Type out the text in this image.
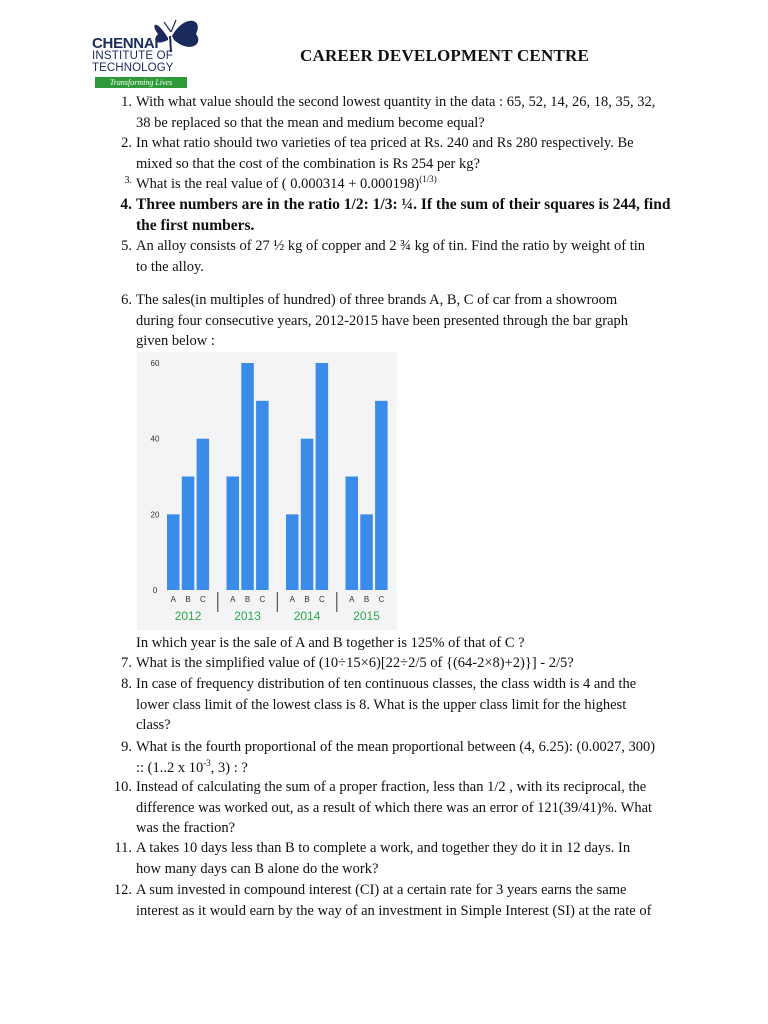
CHENNAI
INSTITUTE OF
TECHNOLOGY
Transforming Lives
CAREER DEVELOPMENT CENTRE
1. With what value should the second lowest quantity in the data : 65, 52, 14, 26, 18, 35, 32,
38 be replaced so that the mean and medium become equal?
2. In what ratio should two varieties of tea priced at Rs. 240 and Rs 280 respectively. Be
mixed so that the cost of the combination is Rs 254 per kg?
3. What is the real value of ( 0.000314 + 0.000198)$^{(1/3)}$
4. Three numbers are in the ratio 1/2: 1/3: ¼. If the sum of their squares is 244, find
the first numbers.
5. An alloy consists of 27 ½ kg of copper and 2 ¾ kg of tin. Find the ratio by weight of tin
to the alloy.
6. The sales(in multiples of hundred) of three brands A, B, C of car from a showroom
during four consecutive years, 2012-2015 have been presented through the bar graph
given below :
0
20
40
60
A B C
2012
A B C
2013
A B C
2014
A B C
2015
In which year is the sale of A and B together is 125% of that of C ?
7. What is the simplified value of (10÷15×6)[22÷2/5 of {(64-2×8)+2)}] - 2/5?
8. In case of frequency distribution of ten continuous classes, the class width is 4 and the
lower class limit of the lowest class is 8. What is the upper class limit for the highest
class?
9. What is the fourth proportional of the mean proportional between (4, 6.25): (0.0027, 300)
:: (1..2 x $10^{-3}$, 3) : ?
10. Instead of calculating the sum of a proper fraction, less than 1/2 , with its reciprocal, the
difference was worked out, as a result of which there was an error of 121(39/41)%. What
was the fraction?
11. A takes 10 days less than B to complete a work, and together they do it in 12 days. In
how many days can B alone do the work?
12. A sum invested in compound interest (CI) at a certain rate for 3 years earns the same
interest as it would earn by the way of an investment in Simple Interest (SI) at the rate of
